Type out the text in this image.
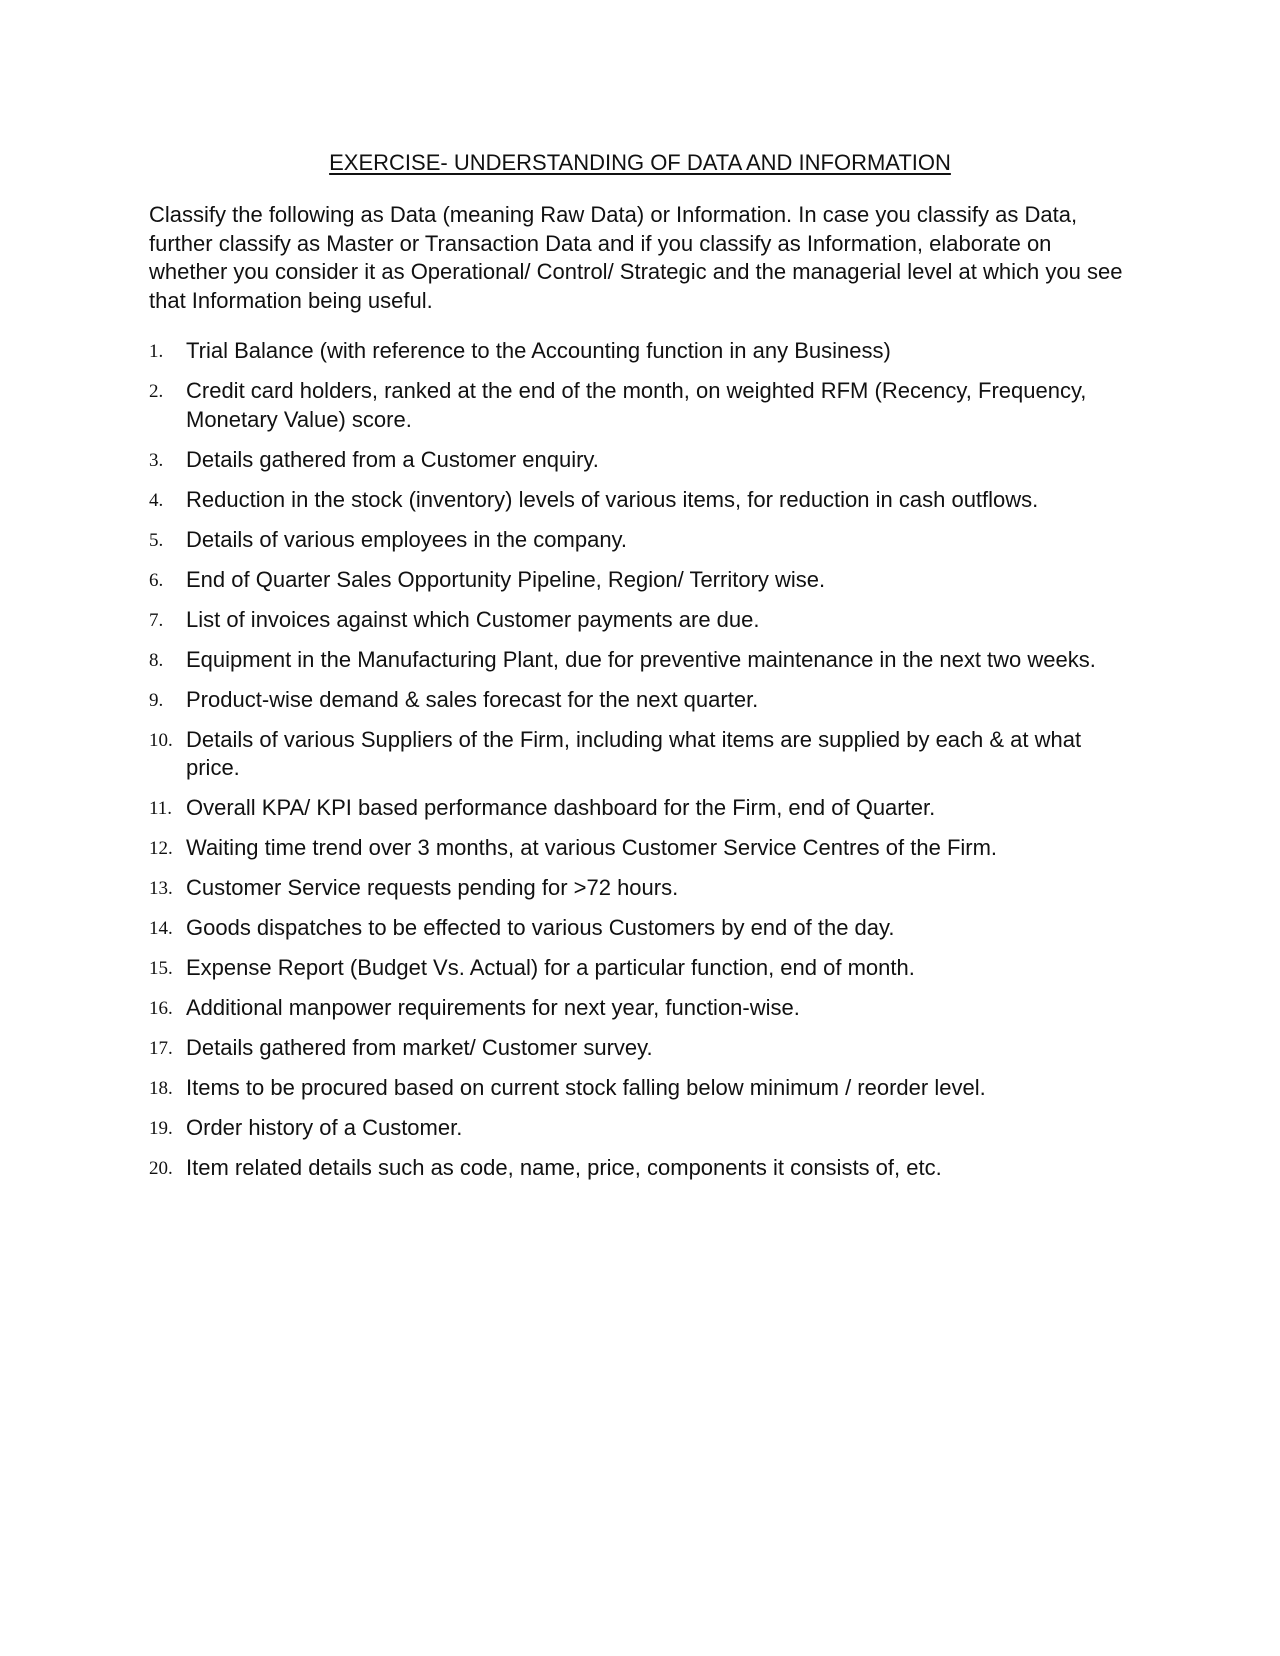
EXERCISE- UNDERSTANDING OF DATA AND INFORMATION

Classify the following as Data (meaning Raw Data) or Information. In case you classify as Data, further classify as Master or Transaction Data and if you classify as Information, elaborate on whether you consider it as Operational/ Control/ Strategic and the managerial level at which you see that Information being useful.

1. Trial Balance (with reference to the Accounting function in any Business)
2. Credit card holders, ranked at the end of the month, on weighted RFM (Recency, Frequency, Monetary Value) score.
3. Details gathered from a Customer enquiry.
4. Reduction in the stock (inventory) levels of various items, for reduction in cash outflows.
5. Details of various employees in the company.
6. End of Quarter Sales Opportunity Pipeline, Region/ Territory wise.
7. List of invoices against which Customer payments are due.
8. Equipment in the Manufacturing Plant, due for preventive maintenance in the next two weeks.
9. Product-wise demand & sales forecast for the next quarter.
10. Details of various Suppliers of the Firm, including what items are supplied by each & at what price.
11. Overall KPA/ KPI based performance dashboard for the Firm, end of Quarter.
12. Waiting time trend over 3 months, at various Customer Service Centres of the Firm.
13. Customer Service requests pending for >72 hours.
14. Goods dispatches to be effected to various Customers by end of the day.
15. Expense Report (Budget Vs. Actual) for a particular function, end of month.
16. Additional manpower requirements for next year, function-wise.
17. Details gathered from market/ Customer survey.
18. Items to be procured based on current stock falling below minimum / reorder level.
19. Order history of a Customer.
20. Item related details such as code, name, price, components it consists of, etc.
